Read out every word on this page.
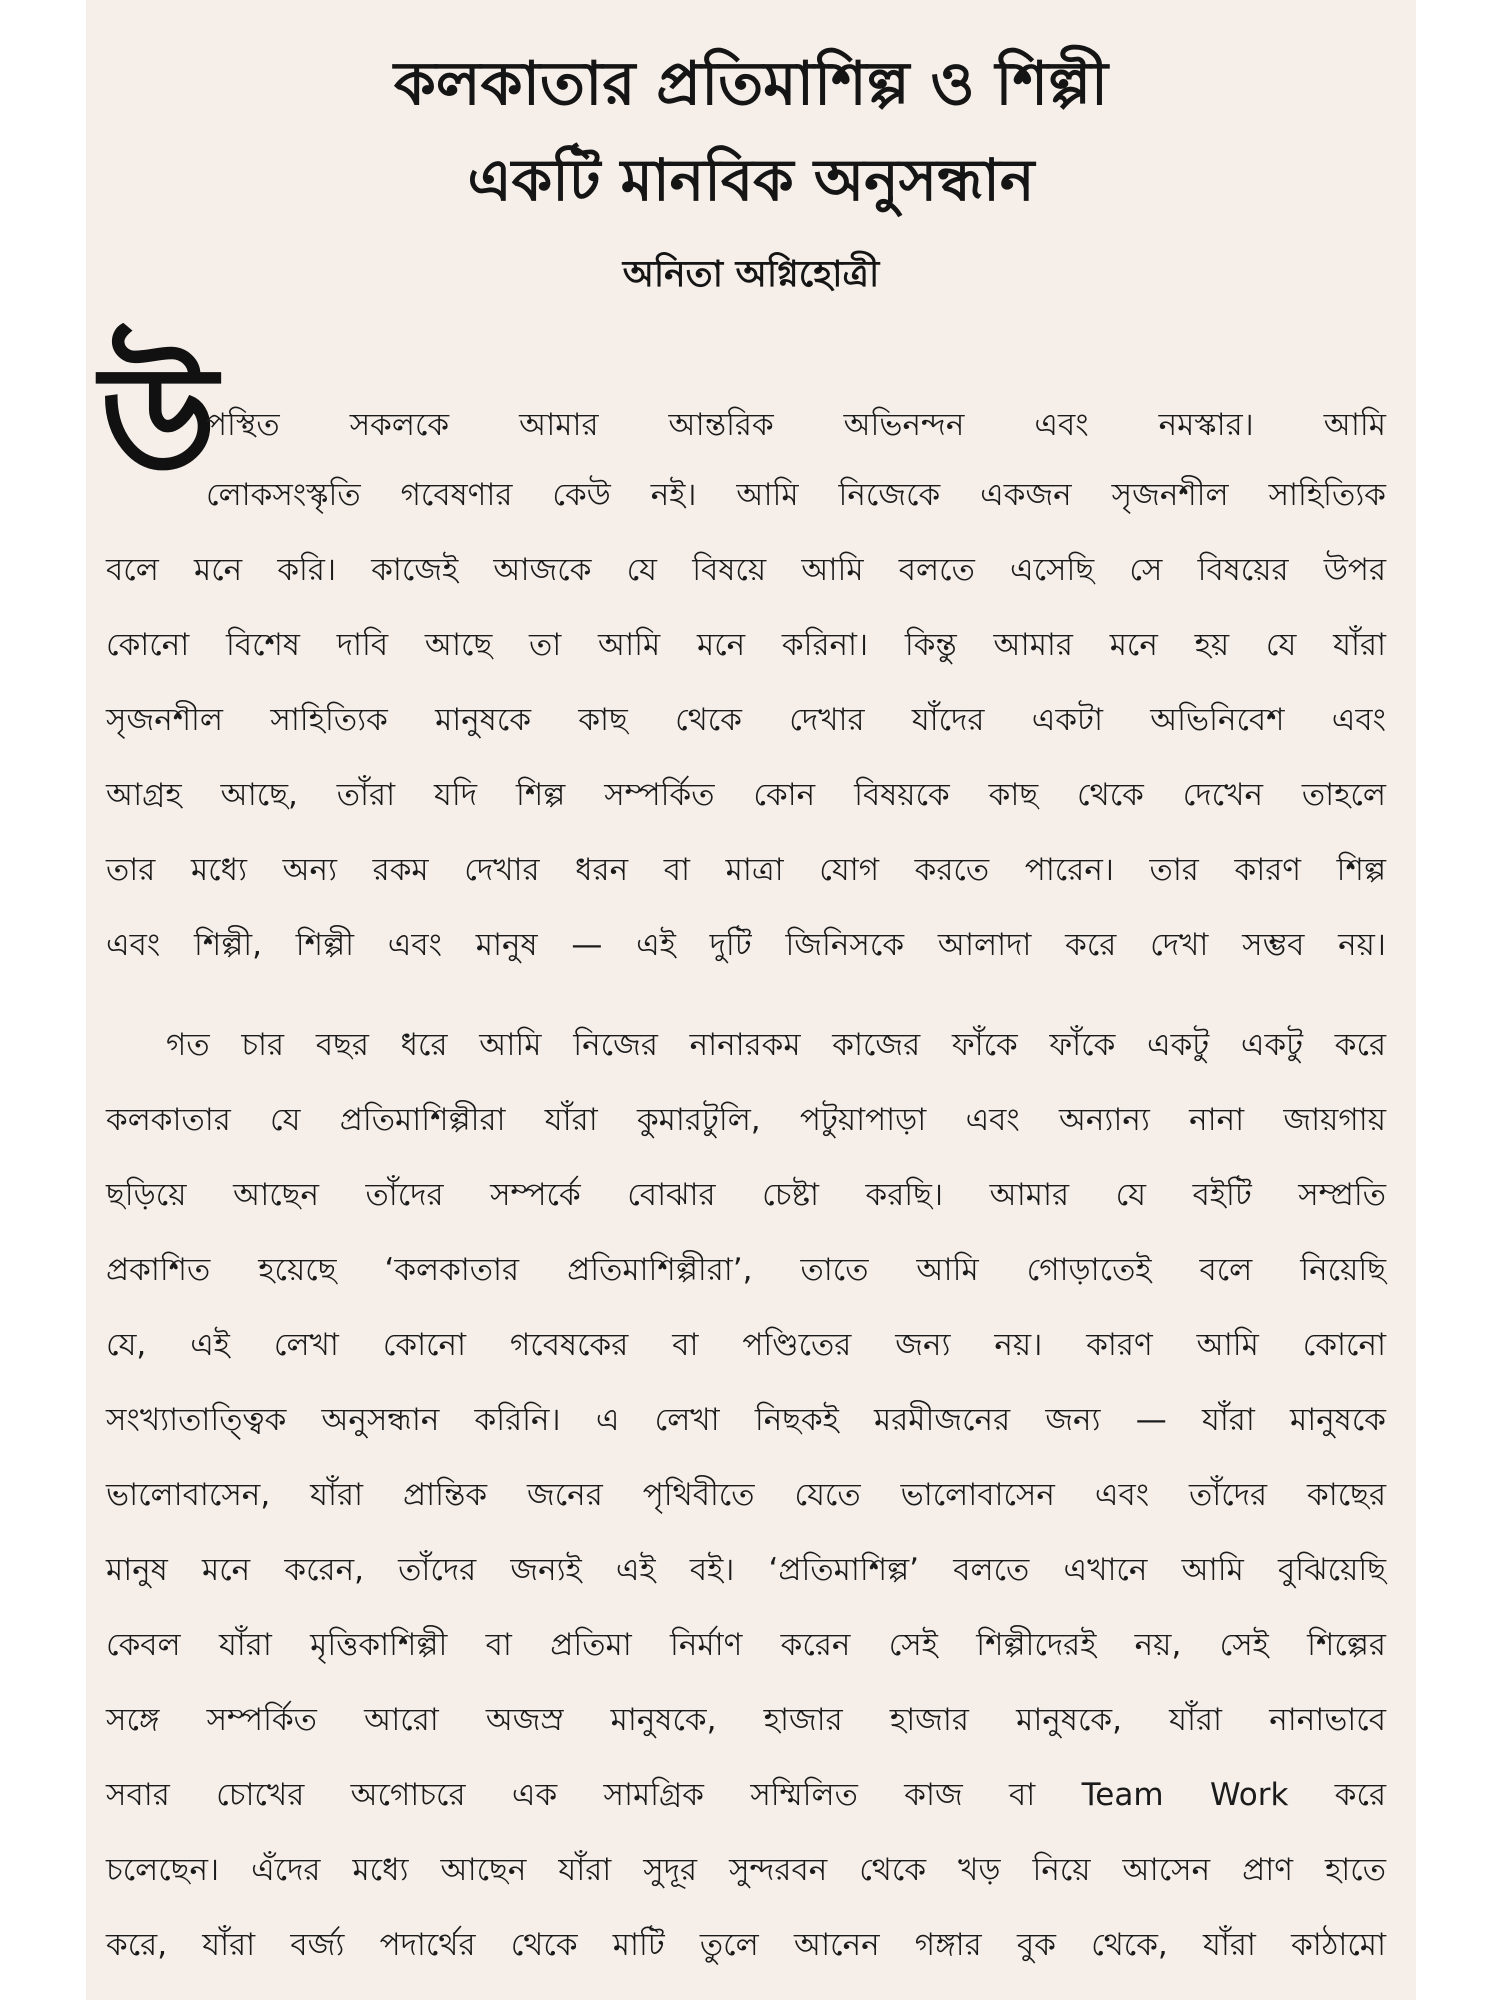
কলকাতার প্রতিমাশিল্প ও শিল্পী
একটি মানবিক অনুসন্ধান
অনিতা অগ্নিহোত্রী
উ
পস্থিত সকলকে আমার আন্তরিক অভিনন্দন এবং নমস্কার। আমি
লোকসংস্কৃতি গবেষণার কেউ নই। আমি নিজেকে একজন সৃজনশীল সাহিত্যিক
বলে মনে করি। কাজেই আজকে যে বিষয়ে আমি বলতে এসেছি সে বিষয়ের উপর
কোনো বিশেষ দাবি আছে তা আমি মনে করিনা। কিন্তু আমার মনে হয় যে যাঁরা
সৃজনশীল সাহিত্যিক মানুষকে কাছ থেকে দেখার যাঁদের একটা অভিনিবেশ এবং
আগ্রহ আছে, তাঁরা যদি শিল্প সম্পর্কিত কোন বিষয়কে কাছ থেকে দেখেন তাহলে
তার মধ্যে অন্য রকম দেখার ধরন বা মাত্রা যোগ করতে পারেন। তার কারণ শিল্প
এবং শিল্পী, শিল্পী এবং মানুষ — এই দুটি জিনিসকে আলাদা করে দেখা সম্ভব নয়।
গত চার বছর ধরে আমি নিজের নানারকম কাজের ফাঁকে ফাঁকে একটু একটু করে
কলকাতার যে প্রতিমাশিল্পীরা যাঁরা কুমারটুলি, পটুয়াপাড়া এবং অন্যান্য নানা জায়গায়
ছড়িয়ে আছেন তাঁদের সম্পর্কে বোঝার চেষ্টা করছি। আমার যে বইটি সম্প্রতি
প্রকাশিত হয়েছে ‘কলকাতার প্রতিমাশিল্পীরা’, তাতে আমি গোড়াতেই বলে নিয়েছি
যে, এই লেখা কোনো গবেষকের বা পণ্ডিতের জন্য নয়। কারণ আমি কোনো
সংখ্যাতাত্ত্বিক অনুসন্ধান করিনি। এ লেখা নিছকই মরমীজনের জন্য — যাঁরা মানুষকে
ভালোবাসেন, যাঁরা প্রান্তিক জনের পৃথিবীতে যেতে ভালোবাসেন এবং তাঁদের কাছের
মানুষ মনে করেন, তাঁদের জন্যই এই বই। ‘প্রতিমাশিল্প’ বলতে এখানে আমি বুঝিয়েছি
কেবল যাঁরা মৃত্তিকাশিল্পী বা প্রতিমা নির্মাণ করেন সেই শিল্পীদেরই নয়, সেই শিল্পের
সঙ্গে সম্পর্কিত আরো অজস্র মানুষকে, হাজার হাজার মানুষকে, যাঁরা নানাভাবে
সবার চোখের অগোচরে এক সামগ্রিক সম্মিলিত কাজ বা Team Work করে
চলেছেন। এঁদের মধ্যে আছেন যাঁরা সুদূর সুন্দরবন থেকে খড় নিয়ে আসেন প্রাণ হাতে
করে, যাঁরা বর্জ্য পদার্থের থেকে মাটি তুলে আনেন গঙ্গার বুক থেকে, যাঁরা কাঠামো
